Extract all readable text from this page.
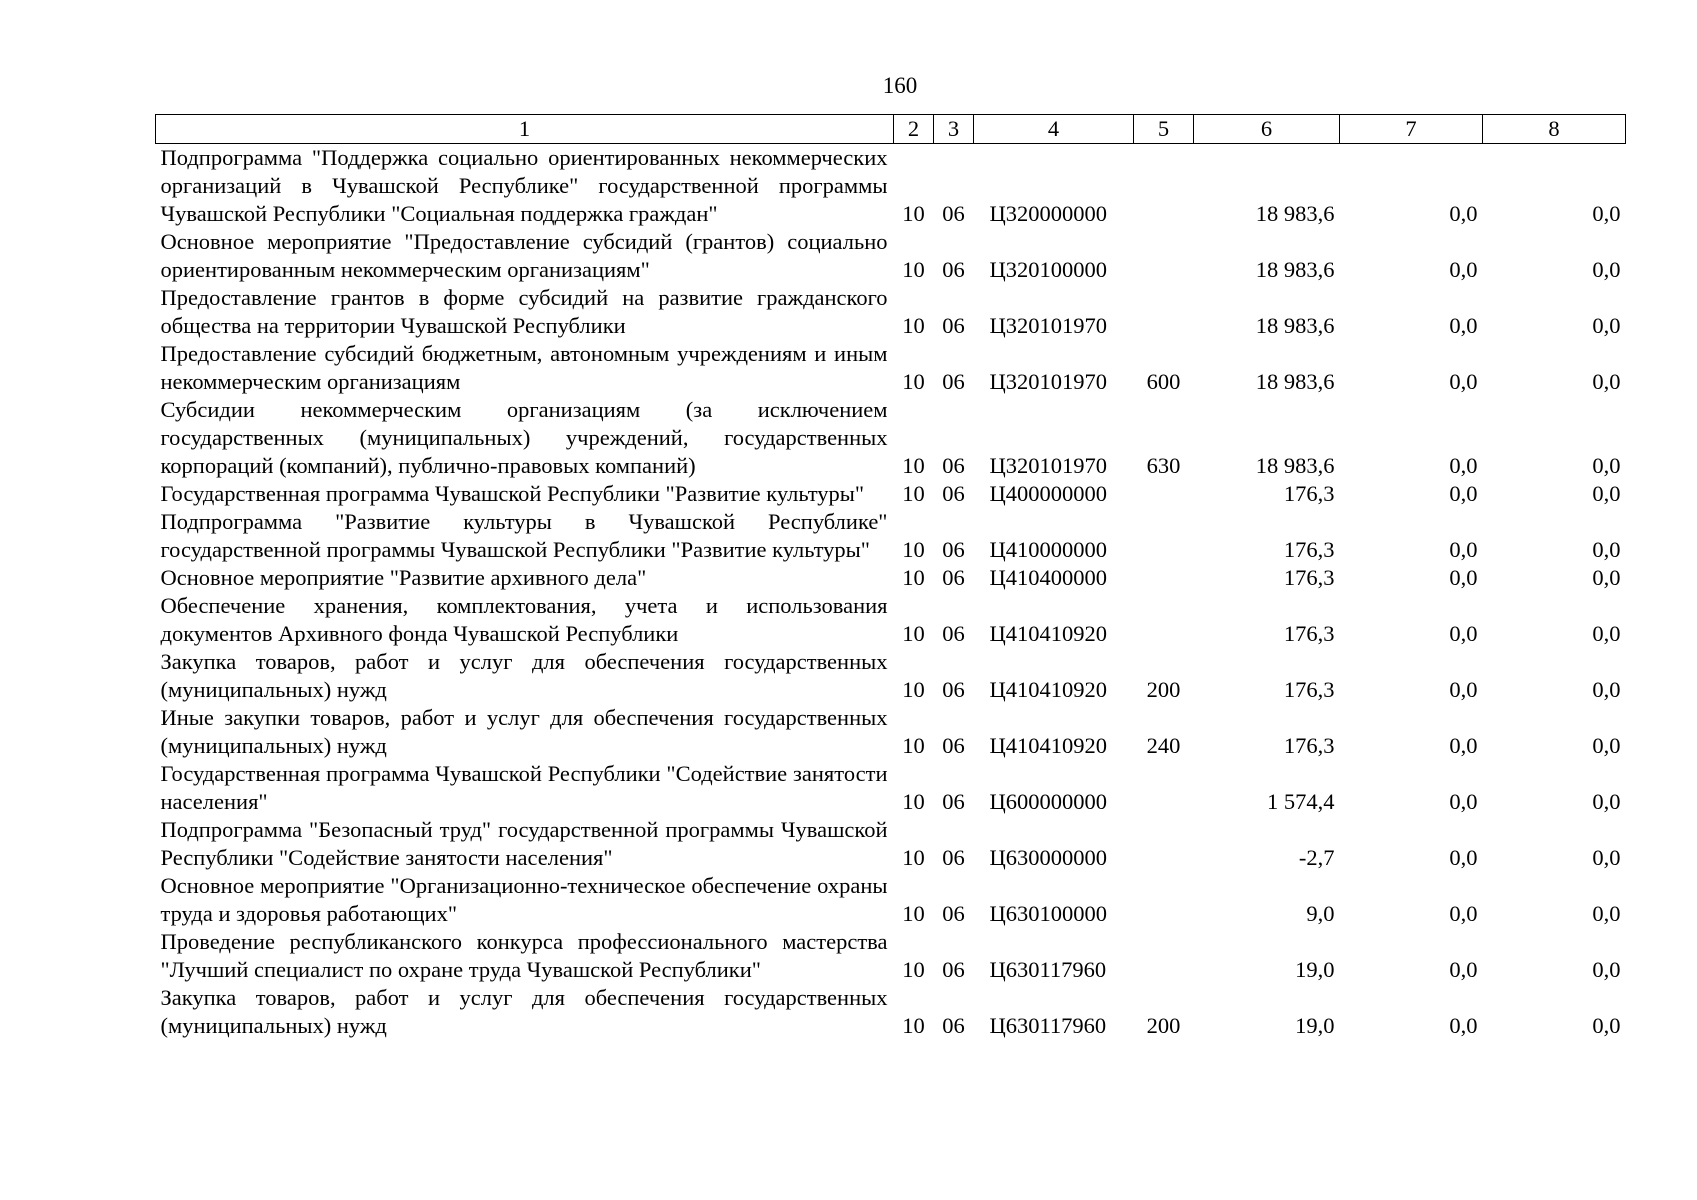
160
1	2	3	4	5	6	7	8
Подпрограмма "Поддержка социально ориентированных некоммерческих организаций в Чувашской Республике" государственной программы Чувашской Республики "Социальная поддержка граждан"	10	06	Ц320000000		18 983,6	0,0	0,0
Основное мероприятие "Предоставление субсидий (грантов) социально ориентированным некоммерческим организациям"	10	06	Ц320100000		18 983,6	0,0	0,0
Предоставление грантов в форме субсидий на развитие гражданского общества на территории Чувашской Республики	10	06	Ц320101970		18 983,6	0,0	0,0
Предоставление субсидий бюджетным, автономным учреждениям и иным некоммерческим организациям	10	06	Ц320101970	600	18 983,6	0,0	0,0
Субсидии некоммерческим организациям (за исключением государственных (муниципальных) учреждений, государственных корпораций (компаний), публично-правовых компаний)	10	06	Ц320101970	630	18 983,6	0,0	0,0
Государственная программа Чувашской Республики "Развитие культуры"	10	06	Ц400000000		176,3	0,0	0,0
Подпрограмма "Развитие культуры в Чувашской Республике" государственной программы Чувашской Республики "Развитие культуры"	10	06	Ц410000000		176,3	0,0	0,0
Основное мероприятие "Развитие архивного дела"	10	06	Ц410400000		176,3	0,0	0,0
Обеспечение хранения, комплектования, учета и использования документов Архивного фонда Чувашской Республики	10	06	Ц410410920		176,3	0,0	0,0
Закупка товаров, работ и услуг для обеспечения государственных (муниципальных) нужд	10	06	Ц410410920	200	176,3	0,0	0,0
Иные закупки товаров, работ и услуг для обеспечения государственных (муниципальных) нужд	10	06	Ц410410920	240	176,3	0,0	0,0
Государственная программа Чувашской Республики "Содействие занятости населения"	10	06	Ц600000000		1 574,4	0,0	0,0
Подпрограмма "Безопасный труд" государственной программы Чувашской Республики "Содействие занятости населения"	10	06	Ц630000000		-2,7	0,0	0,0
Основное мероприятие "Организационно-техническое обеспечение охраны труда и здоровья работающих"	10	06	Ц630100000		9,0	0,0	0,0
Проведение республиканского конкурса профессионального мастерства "Лучший специалист по охране труда Чувашской Республики"	10	06	Ц630117960		19,0	0,0	0,0
Закупка товаров, работ и услуг для обеспечения государственных (муниципальных) нужд	10	06	Ц630117960	200	19,0	0,0	0,0
